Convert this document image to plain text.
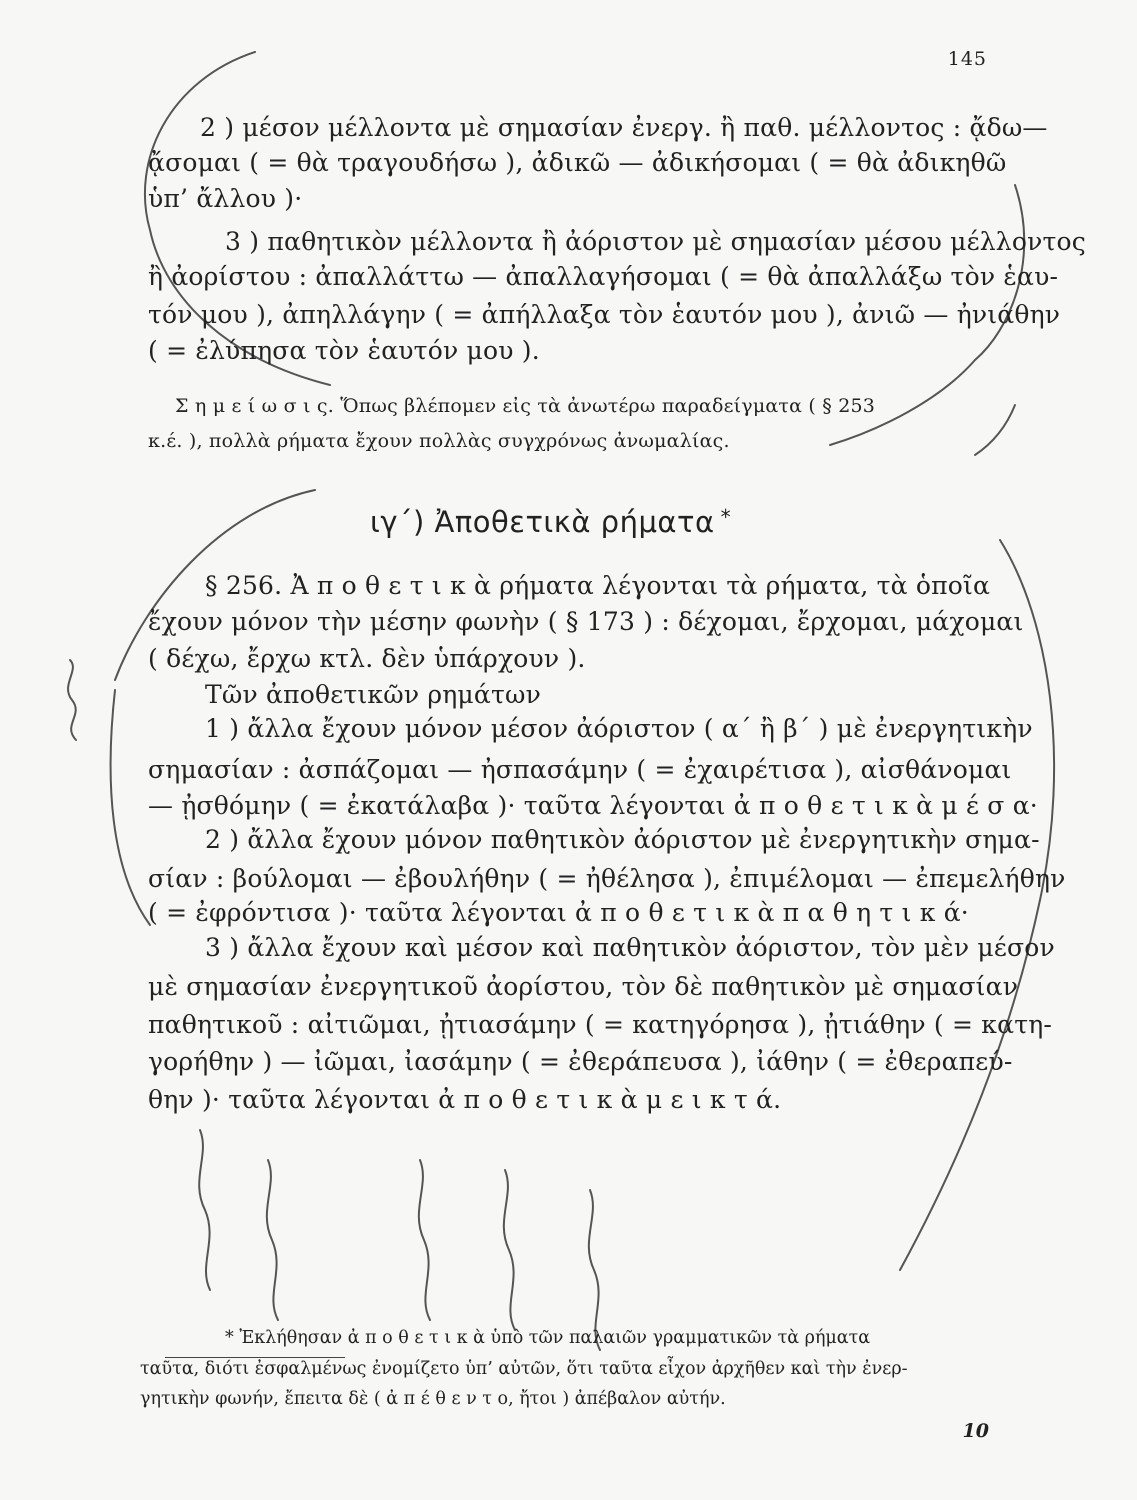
145
2 ) μέσον μέλλοντα μὲ σημασίαν ἐνεργ. ἢ παθ. μέλλοντος : ᾄδω—
ᾄσομαι ( = θὰ τραγουδήσω ), ἀδικῶ — ἀδικήσομαι ( = θὰ ἀδικηθῶ
ὑπ’ ἄλλου )·
3 ) παθητικὸν μέλλοντα ἢ ἀόριστον μὲ σημασίαν μέσου μέλλοντος
ἢ ἀορίστου : ἀπαλλάττω — ἀπαλλαγήσομαι ( = θὰ ἀπαλλάξω τὸν ἑαυ-
τόν μου ), ἀπηλλάγην ( = ἀπήλλαξα τὸν ἑαυτόν μου ), ἀνιῶ — ἠνιάθην
( = ἐλύπησα τὸν ἑαυτόν μου ).
Σ η μ ε ί ω σ ι ς. Ὅπως βλέπομεν εἰς τὰ ἀνωτέρω παραδείγματα ( § 253
κ.έ. ), πολλὰ ρήματα ἔχουν πολλὰς συγχρόνως ἀνωμαλίας.
ιγ΄) Ἀποθετικὰ ρήματα *
§ 256. Ἀ π ο θ ε τ ι κ ὰ ρήματα λέγονται τὰ ρήματα, τὰ ὁποῖα
ἔχουν μόνον τὴν μέσην φωνὴν ( § 173 ) : δέχομαι, ἔρχομαι, μάχομαι
( δέχω, ἔρχω κτλ. δὲν ὑπάρχουν ).
Τῶν ἀποθετικῶν ρημάτων
1 ) ἄλλα ἔχουν μόνον μέσον ἀόριστον ( α΄ ἢ β΄ ) μὲ ἐνεργητικὴν
σημασίαν : ἀσπάζομαι — ἠσπασάμην ( = ἐχαιρέτισα ), αἰσθάνομαι
— ᾐσθόμην ( = ἐκατάλαβα )· ταῦτα λέγονται ἀ π ο θ ε τ ι κ ὰ μ έ σ α·
2 ) ἄλλα ἔχουν μόνον παθητικὸν ἀόριστον μὲ ἐνεργητικὴν σημα-
σίαν : βούλομαι — ἐβουλήθην ( = ἠθέλησα ), ἐπιμέλομαι — ἐπεμελήθην
( = ἐφρόντισα )· ταῦτα λέγονται ἀ π ο θ ε τ ι κ ὰ π α θ η τ ι κ ά·
3 ) ἄλλα ἔχουν καὶ μέσον καὶ παθητικὸν ἀόριστον, τὸν μὲν μέσον
μὲ σημασίαν ἐνεργητικοῦ ἀορίστου, τὸν δὲ παθητικὸν μὲ σημασίαν
παθητικοῦ : αἰτιῶμαι, ᾐτιασάμην ( = κατηγόρησα ), ᾐτιάθην ( = κατη-
γορήθην ) — ἰῶμαι, ἰασάμην ( = ἐθεράπευσα ), ἰάθην ( = ἐθεραπεύ-
θην )· ταῦτα λέγονται ἀ π ο θ ε τ ι κ ὰ μ ε ι κ τ ά.
* Ἐκλήθησαν ἀ π ο θ ε τ ι κ ὰ ὑπὸ τῶν παλαιῶν γραμματικῶν τὰ ρήματα
ταῦτα, διότι ἐσφαλμένως ἐνομίζετο ὑπ’ αὐτῶν, ὅτι ταῦτα εἶχον ἀρχῆθεν καὶ τὴν ἐνερ-
γητικὴν φωνήν, ἔπειτα δὲ ( ἀ π έ θ ε ν τ ο, ἤτοι ) ἀπέβαλον αὐτήν.
10
